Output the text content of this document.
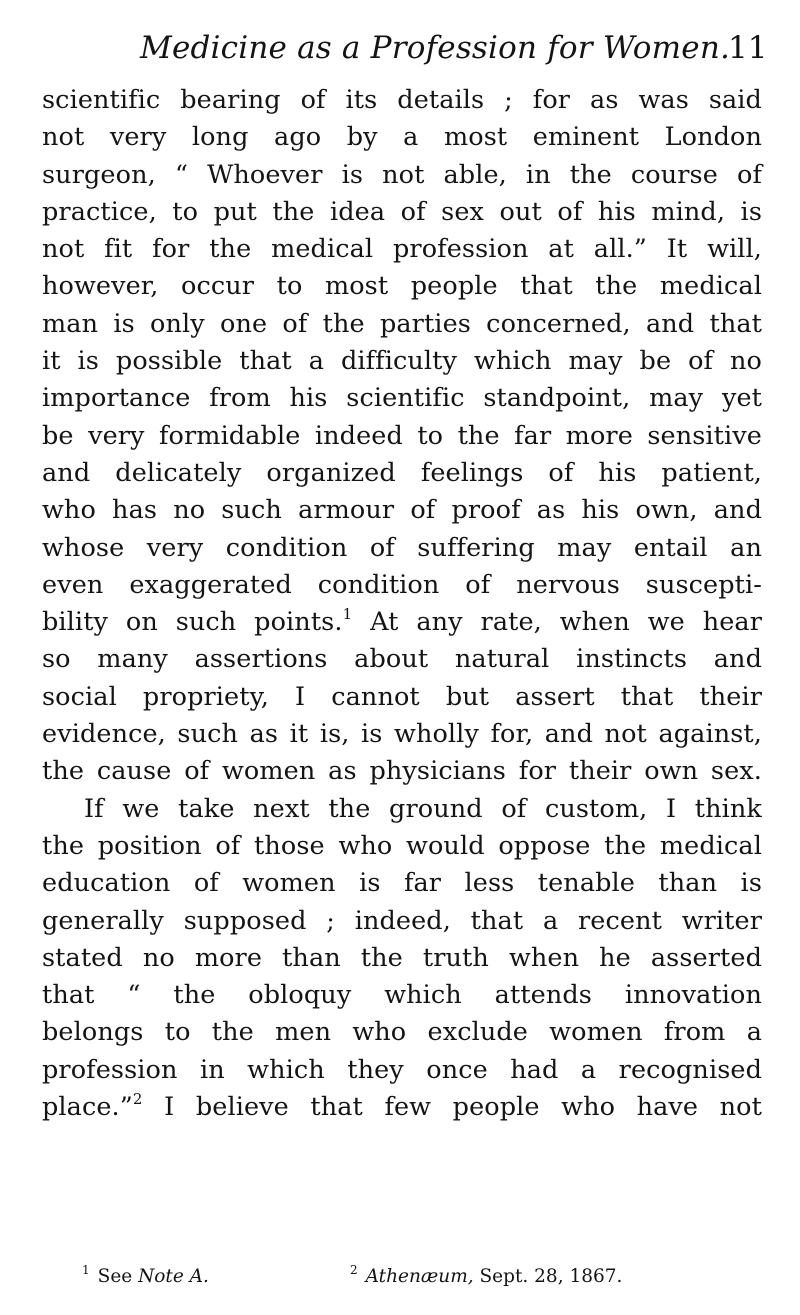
Medicine as a Profession for Women.
11
scientific bearing of its details ; for as was said
not very long ago by a most eminent London
surgeon, “ Whoever is not able, in the course of
practice, to put the idea of sex out of his mind, is
not fit for the medical profession at all.” It will,
however, occur to most people that the medical
man is only one of the parties concerned, and that
it is possible that a difficulty which may be of no
importance from his scientific standpoint, may yet
be very formidable indeed to the far more sensitive
and delicately organized feelings of his patient,
who has no such armour of proof as his own, and
whose very condition of suffering may entail an
even exaggerated condition of nervous suscepti-
bility on such points.$^1$ At any rate, when we hear
so many assertions about natural instincts and
social propriety, I cannot but assert that their
evidence, such as it is, is wholly for, and not against,
the cause of women as physicians for their own sex.
If we take next the ground of custom, I think
the position of those who would oppose the medical
education of women is far less tenable than is
generally supposed ; indeed, that a recent writer
stated no more than the truth when he asserted
that “ the obloquy which attends innovation
belongs to the men who exclude women from a
profession in which they once had a recognised
place.”$^2$ I believe that few people who have not
$^1$ See Note A.	$^2$ Athenæum, Sept. 28, 1867.
